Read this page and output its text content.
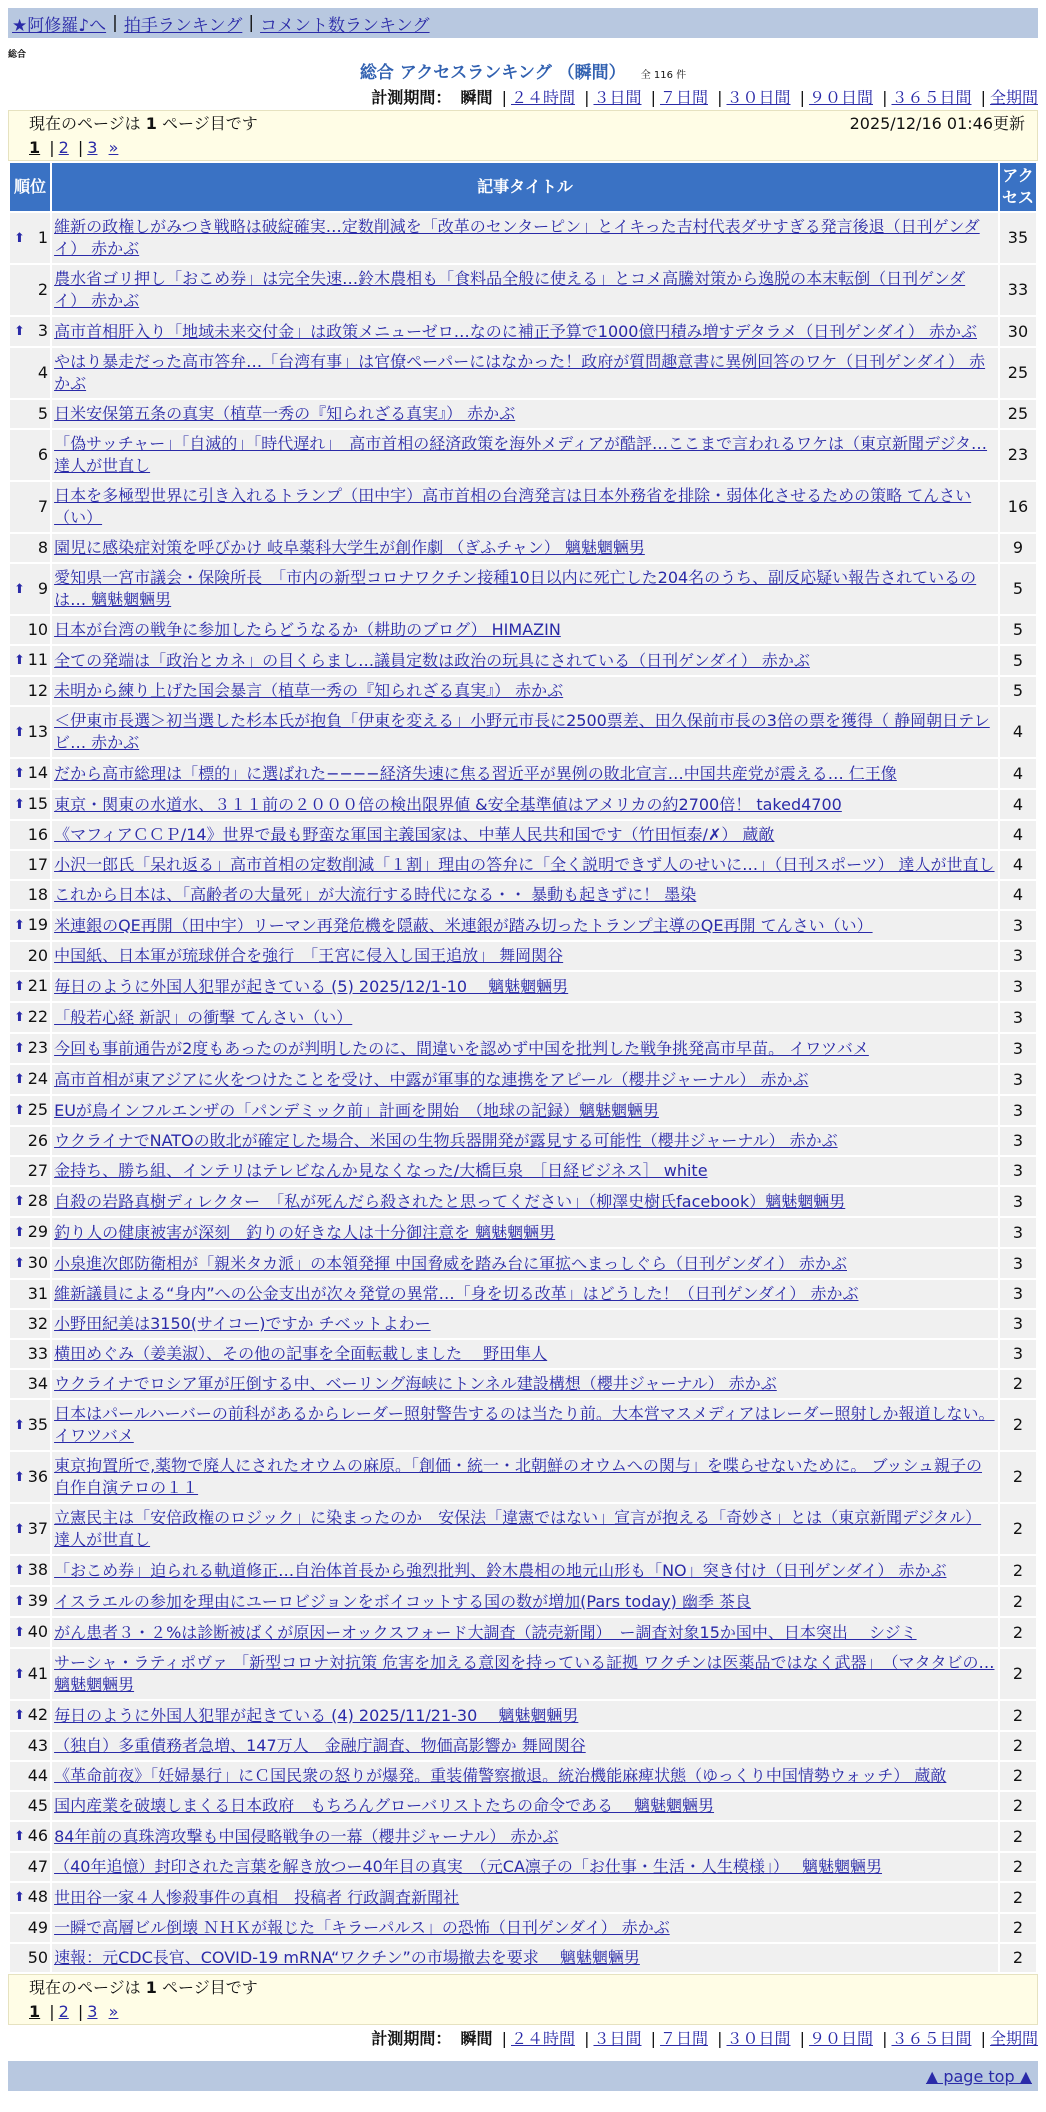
★阿修羅♪へ | 拍手ランキング | コメント数ランキング
総合
総合 アクセスランキング （瞬間） 全 116 件
計測期間： 瞬間 | ２４時間 | ３日間 | ７日間 | ３０日間 | ９０日間 | ３６５日間 | 全期間
現在のページは 1 ページ目です	2025/12/16 01:46更新
1 | 2 | 3 »
順位	記事タイトル	アクセス

⬆ 1	維新の政権しがみつき戦略は破綻確実…定数削減を「改革のセンターピン」とイキった吉村代表ダサすぎる発言後退（日刊ゲンダイ） 赤かぶ	35
2	農水省ゴリ押し「おこめ券」は完全失速…鈴木農相も「食料品全般に使える」とコメ高騰対策から逸脱の本末転倒（日刊ゲンダイ） 赤かぶ	33

⬆ 3	高市首相肝入り「地域未来交付金」は政策メニューゼロ…なのに補正予算で1000億円積み増すデタラメ（日刊ゲンダイ） 赤かぶ	30
4	やはり暴走だった高市答弁…「台湾有事」は官僚ペーパーにはなかった！政府が質問趣意書に異例回答のワケ（日刊ゲンダイ） 赤かぶ	25
5	日米安保第五条の真実（植草一秀の『知られざる真実』） 赤かぶ	25
6	「偽サッチャー」「自滅的」「時代遅れ」　高市首相の経済政策を海外メディアが酷評…ここまで言われるワケは（東京新聞デジタ… 達人が世直し	23
7	日本を多極型世界に引き入れるトランプ（田中宇）高市首相の台湾発言は日本外務省を排除・弱体化させるための策略 てんさい（い）	16
8	園児に感染症対策を呼びかけ 岐阜薬科大学生が創作劇 （ぎふチャン） 魑魅魍魎男	9

⬆ 9	愛知県一宮市議会・保険所長　「市内の新型コロナワクチン接種10日以内に死亡した204名のうち、副反応疑い報告されているのは… 魑魅魍魎男	5
10	日本が台湾の戦争に参加したらどうなるか（耕助のブログ） HIMAZIN	5

⬆ 11	全ての発端は「政治とカネ」の目くらまし…議員定数は政治の玩具にされている（日刊ゲンダイ） 赤かぶ	5
12	未明から練り上げた国会暴言（植草一秀の『知られざる真実』） 赤かぶ	5

⬆ 13	＜伊東市長選＞初当選した杉本氏が抱負「伊東を変える」小野元市長に2500票差、田久保前市長の3倍の票を獲得（ 静岡朝日テレビ… 赤かぶ	4

⬆ 14	だから高市総理は「標的」に選ばれた−−−−経済失速に焦る習近平が異例の敗北宣言…中国共産党が震える… 仁王像	4

⬆ 15	東京・関東の水道水、３１１前の２０００倍の検出限界値 &安全基準値はアメリカの約2700倍！ taked4700	4
16	《マフィアＣＣＰ/14》世界で最も野蛮な軍国主義国家は、中華人民共和国です（竹田恒泰/✗） 蔵敵	4
17	小沢一郎氏「呆れ返る」高市首相の定数削減「１割」理由の答弁に「全く説明できず人のせいに…」（日刊スポーツ） 達人が世直し	4
18	これから日本は、「高齢者の大量死」が大流行する時代になる・・ 暴動も起きずに！ 墨染	4

⬆ 19	米連銀のQE再開（田中宇）リーマン再発危機を隠蔽、米連銀が踏み切ったトランプ主導のQE再開 てんさい（い）	3
20	中国紙、日本軍が琉球併合を強行　「王宮に侵入し国王追放」 舞岡関谷	3

⬆ 21	毎日のように外国人犯罪が起きている (5) 2025/12/1-10　 魑魅魍魎男	3

⬆ 22	「般若心経 新訳」の衝撃 てんさい（い）	3

⬆ 23	今回も事前通告が2度もあったのが判明したのに、間違いを認めず中国を批判した戦争挑発高市早苗。 イワツバメ	3

⬆ 24	高市首相が東アジアに火をつけたことを受け、中露が軍事的な連携をアピール（櫻井ジャーナル） 赤かぶ	3

⬆ 25	EUが鳥インフルエンザの「パンデミック前」計画を開始　（地球の記録）魑魅魍魎男	3
26	ウクライナでNATOの敗北が確定した場合、米国の生物兵器開発が露見する可能性（櫻井ジャーナル） 赤かぶ	3
27	金持ち、勝ち組、インテリはテレビなんか見なくなった/大橋巨泉　［日経ビジネス］ white	3

⬆ 28	自殺の岩路真樹ディレクター　「私が死んだら殺されたと思ってください」（柳澤史樹氏facebook）魑魅魍魎男	3

⬆ 29	釣り人の健康被害が深刻　釣りの好きな人は十分御注意を 魑魅魍魎男	3

⬆ 30	小泉進次郎防衛相が「親米タカ派」の本領発揮 中国脅威を踏み台に軍拡へまっしぐら（日刊ゲンダイ） 赤かぶ	3
31	維新議員による“身内”への公金支出が次々発覚の異常…「身を切る改革」はどうした！（日刊ゲンダイ） 赤かぶ	3
32	小野田紀美は3150(サイコー)ですか チベットよわー	3
33	横田めぐみ（姜美淑）、その他の記事を全面転載しました　 野田隼人	3
34	ウクライナでロシア軍が圧倒する中、ベーリング海峡にトンネル建設構想（櫻井ジャーナル） 赤かぶ	2

⬆ 35	日本はパールハーバーの前科があるからレーダー照射警告するのは当たり前。大本営マスメディアはレーダー照射しか報道しない。 イワツバメ	2

⬆ 36	東京拘置所で,薬物で廃人にされたオウムの麻原。「創価・統一・北朝鮮のオウムへの関与」を喋らせないために。 ブッシュ親子の自作自演テロの１１	2

⬆ 37	立憲民主は「安倍政権のロジック」に染まったのか　安保法「違憲ではない」宣言が抱える「奇妙さ」とは（東京新聞デジタル） 達人が世直し	2

⬆ 38	「おこめ券」迫られる軌道修正…自治体首長から強烈批判、鈴木農相の地元山形も「NO」突き付け（日刊ゲンダイ） 赤かぶ	2

⬆ 39	イスラエルの参加を理由にユーロビジョンをボイコットする国の数が増加(Pars today) 幽季 茶良	2

⬆ 40	がん患者３・２%は診断被ばくが原因ーオックスフォード大調査（読売新聞）　ー調査対象15か国中、日本突出　 シジミ	2

⬆ 41	サーシャ・ラティポヴァ 「新型コロナ対抗策 危害を加える意図を持っている証拠 ワクチンは医薬品ではなく武器」　（マタタビの… 魑魅魍魎男	2

⬆ 42	毎日のように外国人犯罪が起きている (4) 2025/11/21-30　 魑魅魍魎男	2
43	（独自）多重債務者急増、147万人　金融庁調査、物価高影響か 舞岡関谷	2
44	《革命前夜》「妊婦暴行」にＣ国民衆の怒りが爆発。重装備警察撤退。統治機能麻痺状態（ゆっくり中国情勢ウォッチ） 蔵敵	2
45	国内産業を破壊しまくる日本政府　もちろんグローバリストたちの命令である　 魑魅魍魎男	2

⬆ 46	84年前の真珠湾攻撃も中国侵略戦争の一幕（櫻井ジャーナル） 赤かぶ	2
47	（40年追憶）封印された言葉を解き放つー40年目の真実　（元CA凛子の「お仕事・生活・人生模様」）　 魑魅魍魎男	2

⬆ 48	世田谷一家４人惨殺事件の真相　投稿者 行政調査新聞社	2
49	一瞬で高層ビル倒壊 ＮＨＫが報じた「キラーパルス」の恐怖（日刊ゲンダイ） 赤かぶ	2
50	速報：元CDC長官、COVID-19 mRNA“ワクチン”の市場撤去を要求　 魑魅魍魎男	2
現在のページは 1 ページ目です
1 | 2 | 3 »
計測期間： 瞬間 | ２４時間 | ３日間 | ７日間 | ３０日間 | ９０日間 | ３６５日間 | 全期間
▲ page top ▲
